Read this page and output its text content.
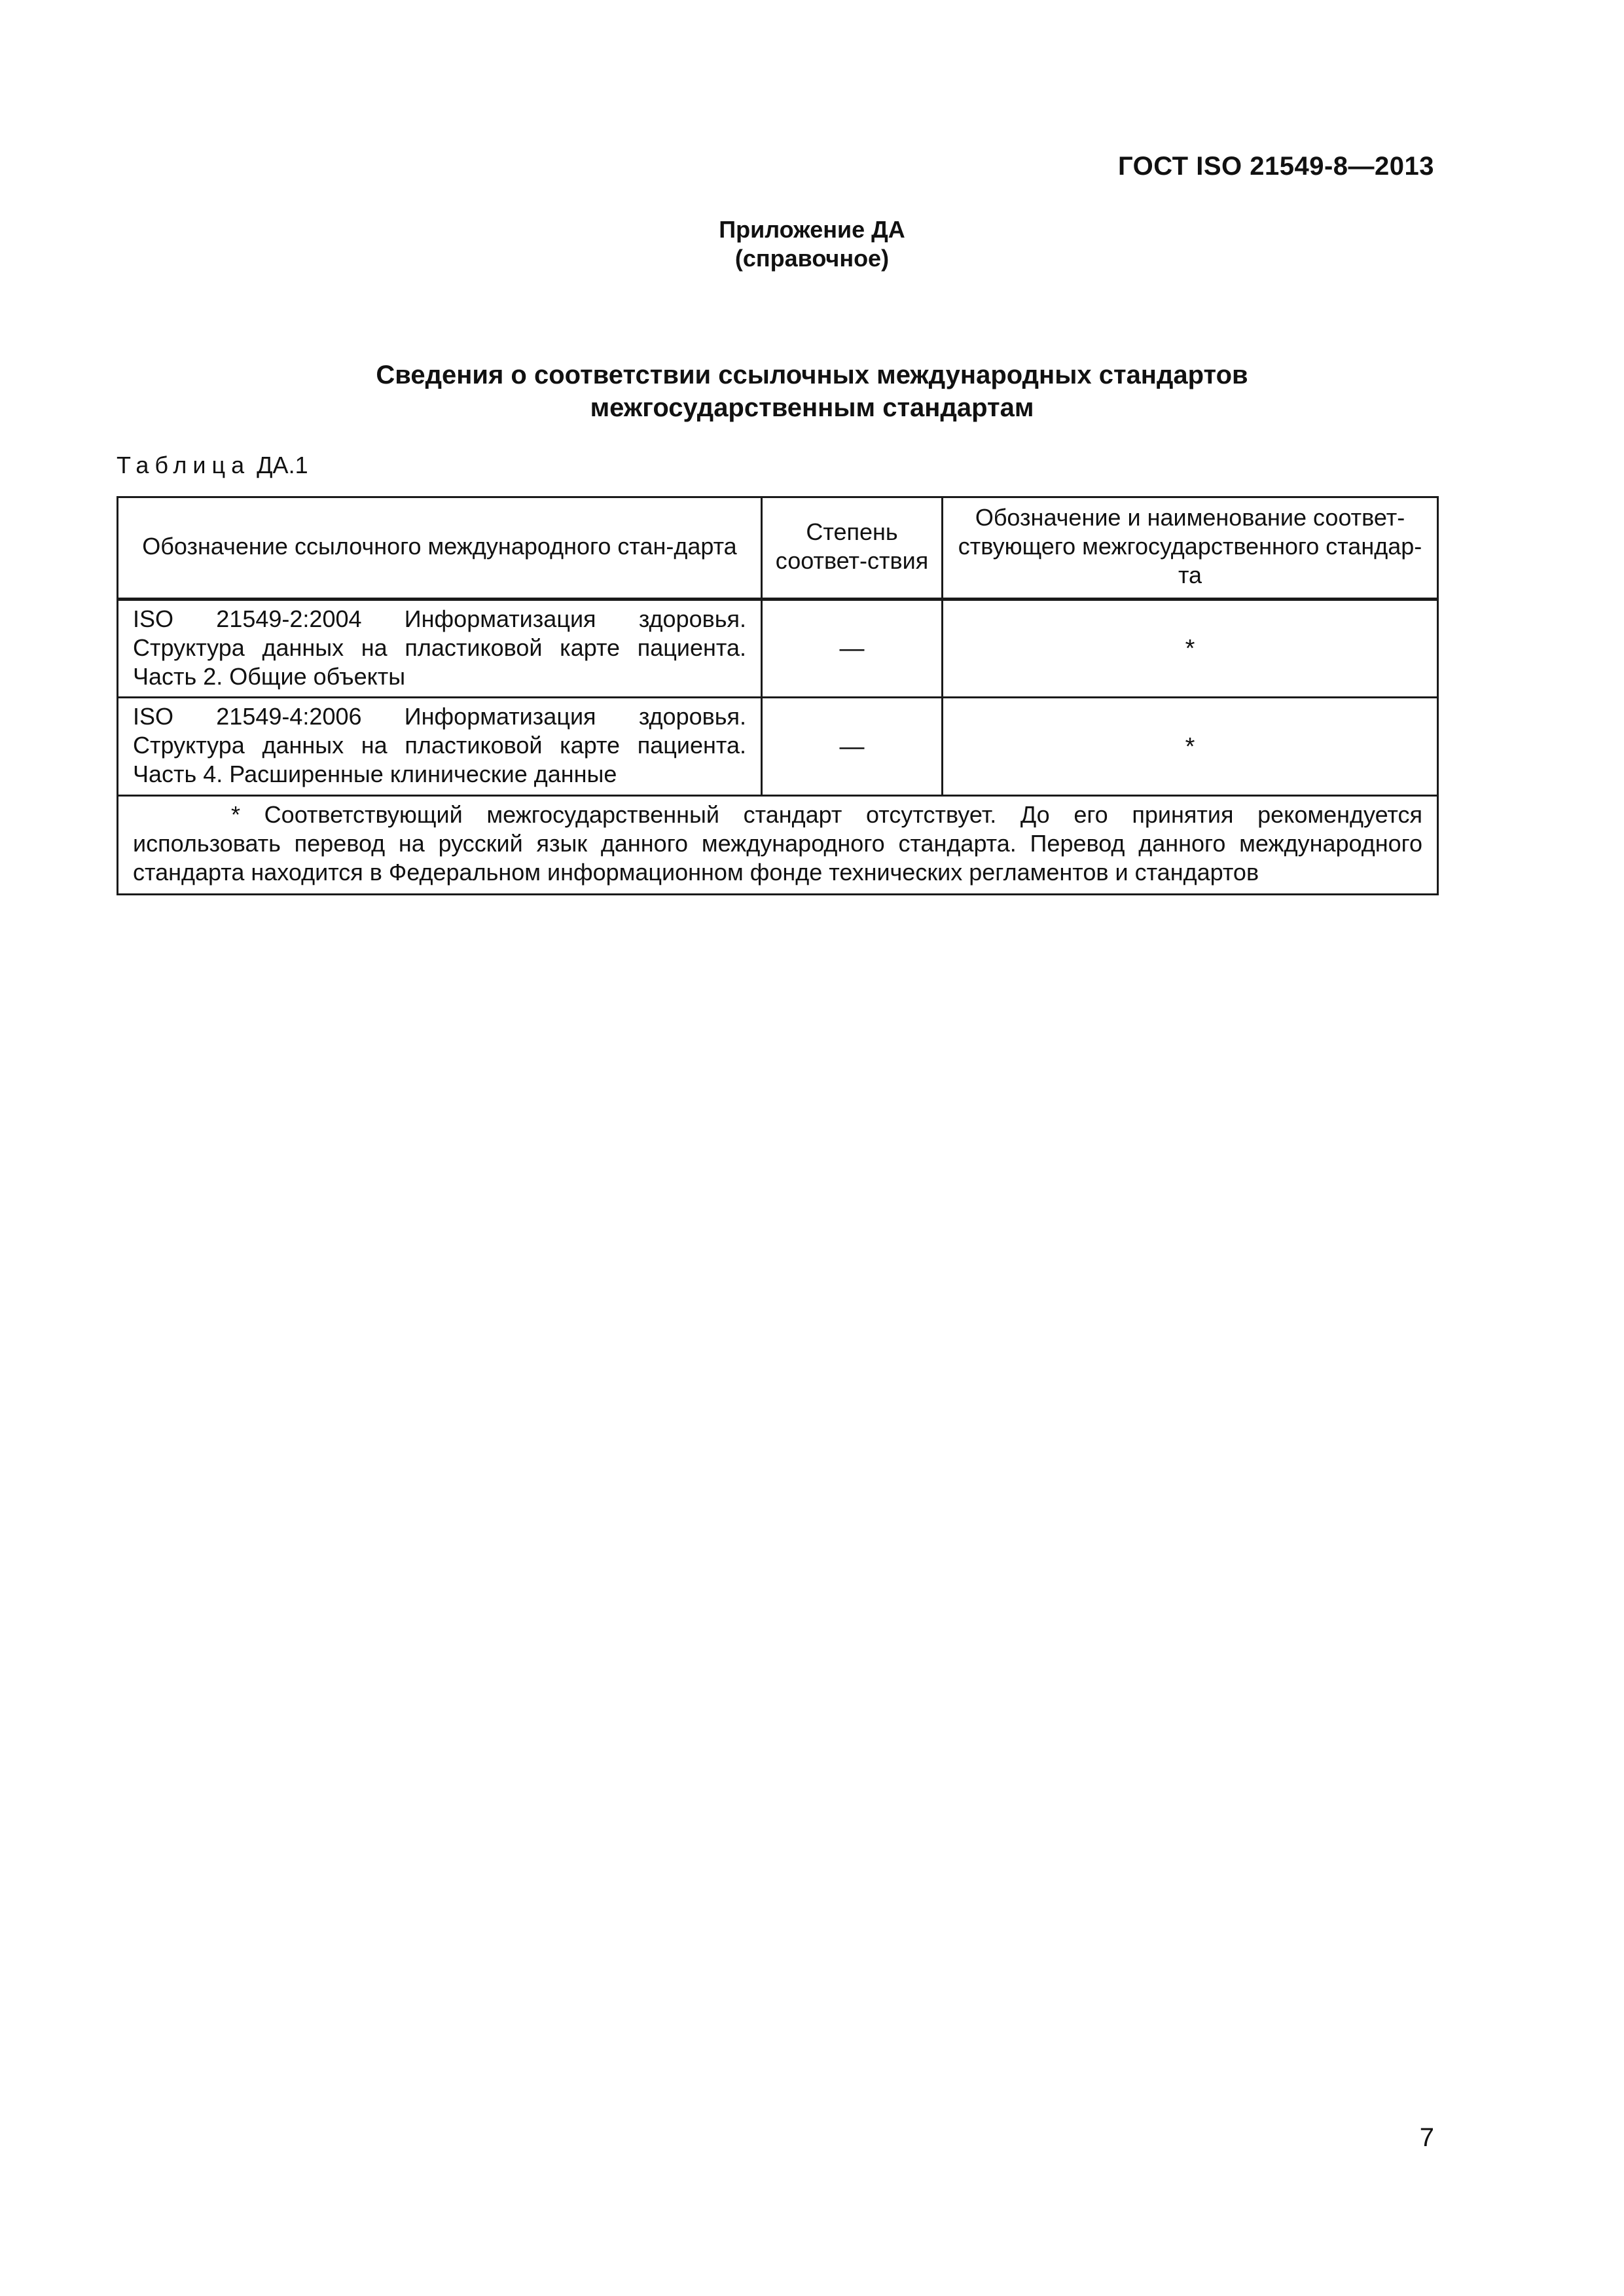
ГОСТ ISO 21549-8—2013
Приложение ДА
(справочное)
Сведения о соответствии ссылочных международных стандартов
межгосударственным стандартам
Таблица ДА.1
Обозначение ссылочного международного стан-дарта	Степень соответ-ствия	Обозначение и наименование соответ-ствующего межгосударственного стандар-та
ISO 21549-2:2004 Информатизация здоровья. Структура данных на пластиковой карте пациента. Часть 2. Общие объекты	—	*
ISO 21549-4:2006 Информатизация здоровья. Структура данных на пластиковой карте пациента. Часть 4. Расширенные клинические данные	—	*
* Соответствующий межгосударственный стандарт отсутствует. До его принятия рекомендуется использовать перевод на русский язык данного международного стандарта. Перевод данного международного стандарта находится в Федеральном информационном фонде технических регламентов и стандартов		
7
